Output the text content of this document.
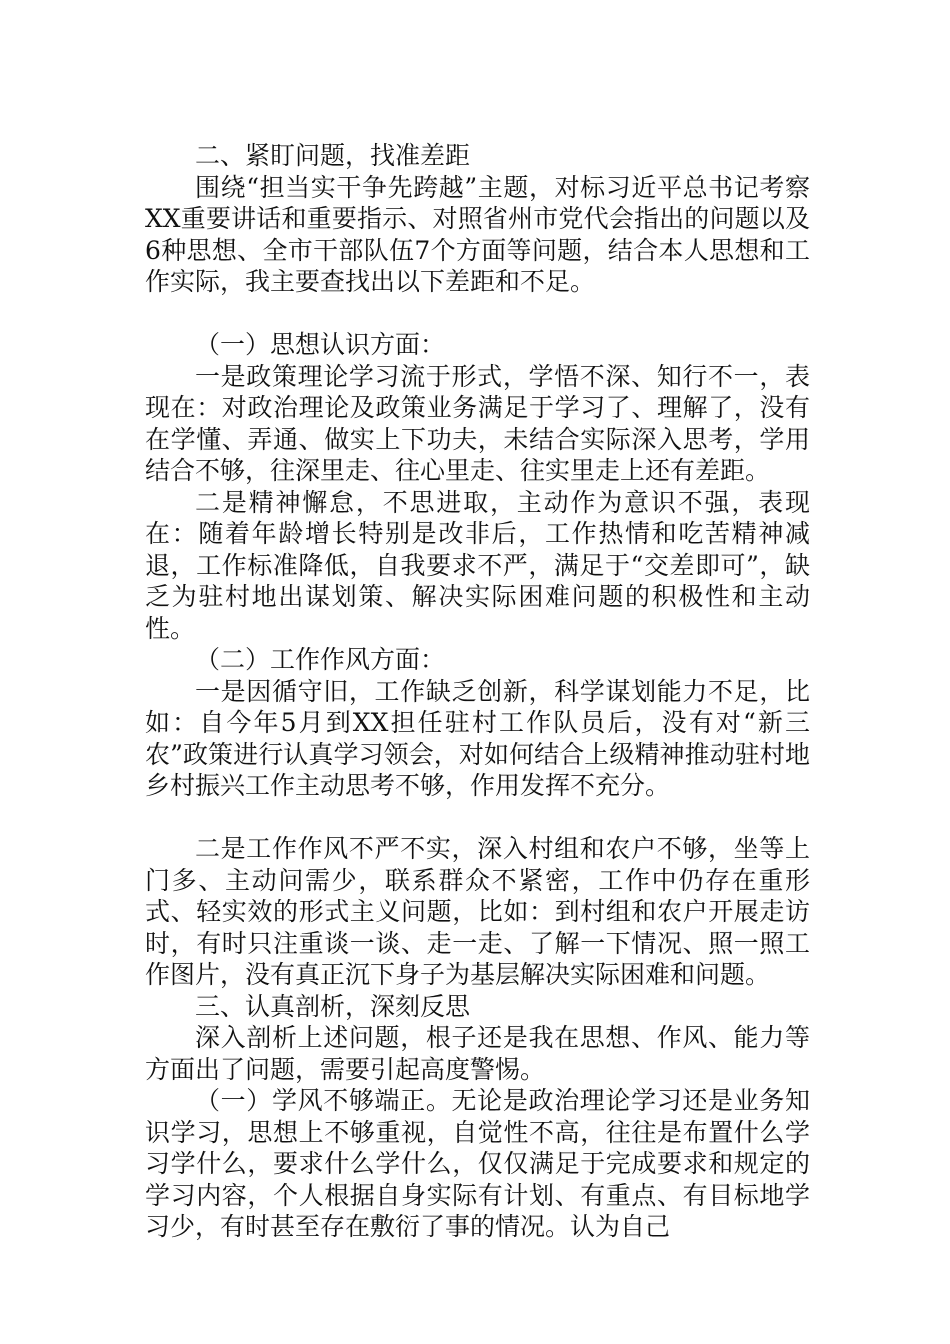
二、紧盯问题，找准差距

围绕“担当实干争先跨越”主题，对标习近平总书记考察XX重要讲话和重要指示、对照省州市党代会指出的问题以及6种思想、全市干部队伍7个方面等问题，结合本人思想和工作实际，我主要查找出以下差距和不足。

（一）思想认识方面：

一是政策理论学习流于形式，学悟不深、知行不一，表现在：对政治理论及政策业务满足于学习了、理解了，没有在学懂、弄通、做实上下功夫，未结合实际深入思考，学用结合不够，往深里走、往心里走、往实里走上还有差距。

二是精神懈怠，不思进取，主动作为意识不强，表现在：随着年龄增长特别是改非后，工作热情和吃苦精神减退，工作标准降低，自我要求不严，满足于“交差即可”，缺乏为驻村地出谋划策、解决实际困难问题的积极性和主动性。

（二）工作作风方面：

一是因循守旧，工作缺乏创新，科学谋划能力不足，比如：自今年5月到XX担任驻村工作队员后，没有对“新三农”政策进行认真学习领会，对如何结合上级精神推动驻村地乡村振兴工作主动思考不够，作用发挥不充分。

二是工作作风不严不实，深入村组和农户不够，坐等上门多、主动问需少，联系群众不紧密，工作中仍存在重形式、轻实效的形式主义问题，比如：到村组和农户开展走访时，有时只注重谈一谈、走一走、了解一下情况、照一照工作图片，没有真正沉下身子为基层解决实际困难和问题。

三、认真剖析，深刻反思

深入剖析上述问题，根子还是我在思想、作风、能力等方面出了问题，需要引起高度警惕。

（一）学风不够端正。无论是政治理论学习还是业务知识学习，思想上不够重视，自觉性不高，往往是布置什么学习学什么，要求什么学什么，仅仅满足于完成要求和规定的学习内容，个人根据自身实际有计划、有重点、有目标地学习少，有时甚至存在敷衍了事的情况。认为自己
